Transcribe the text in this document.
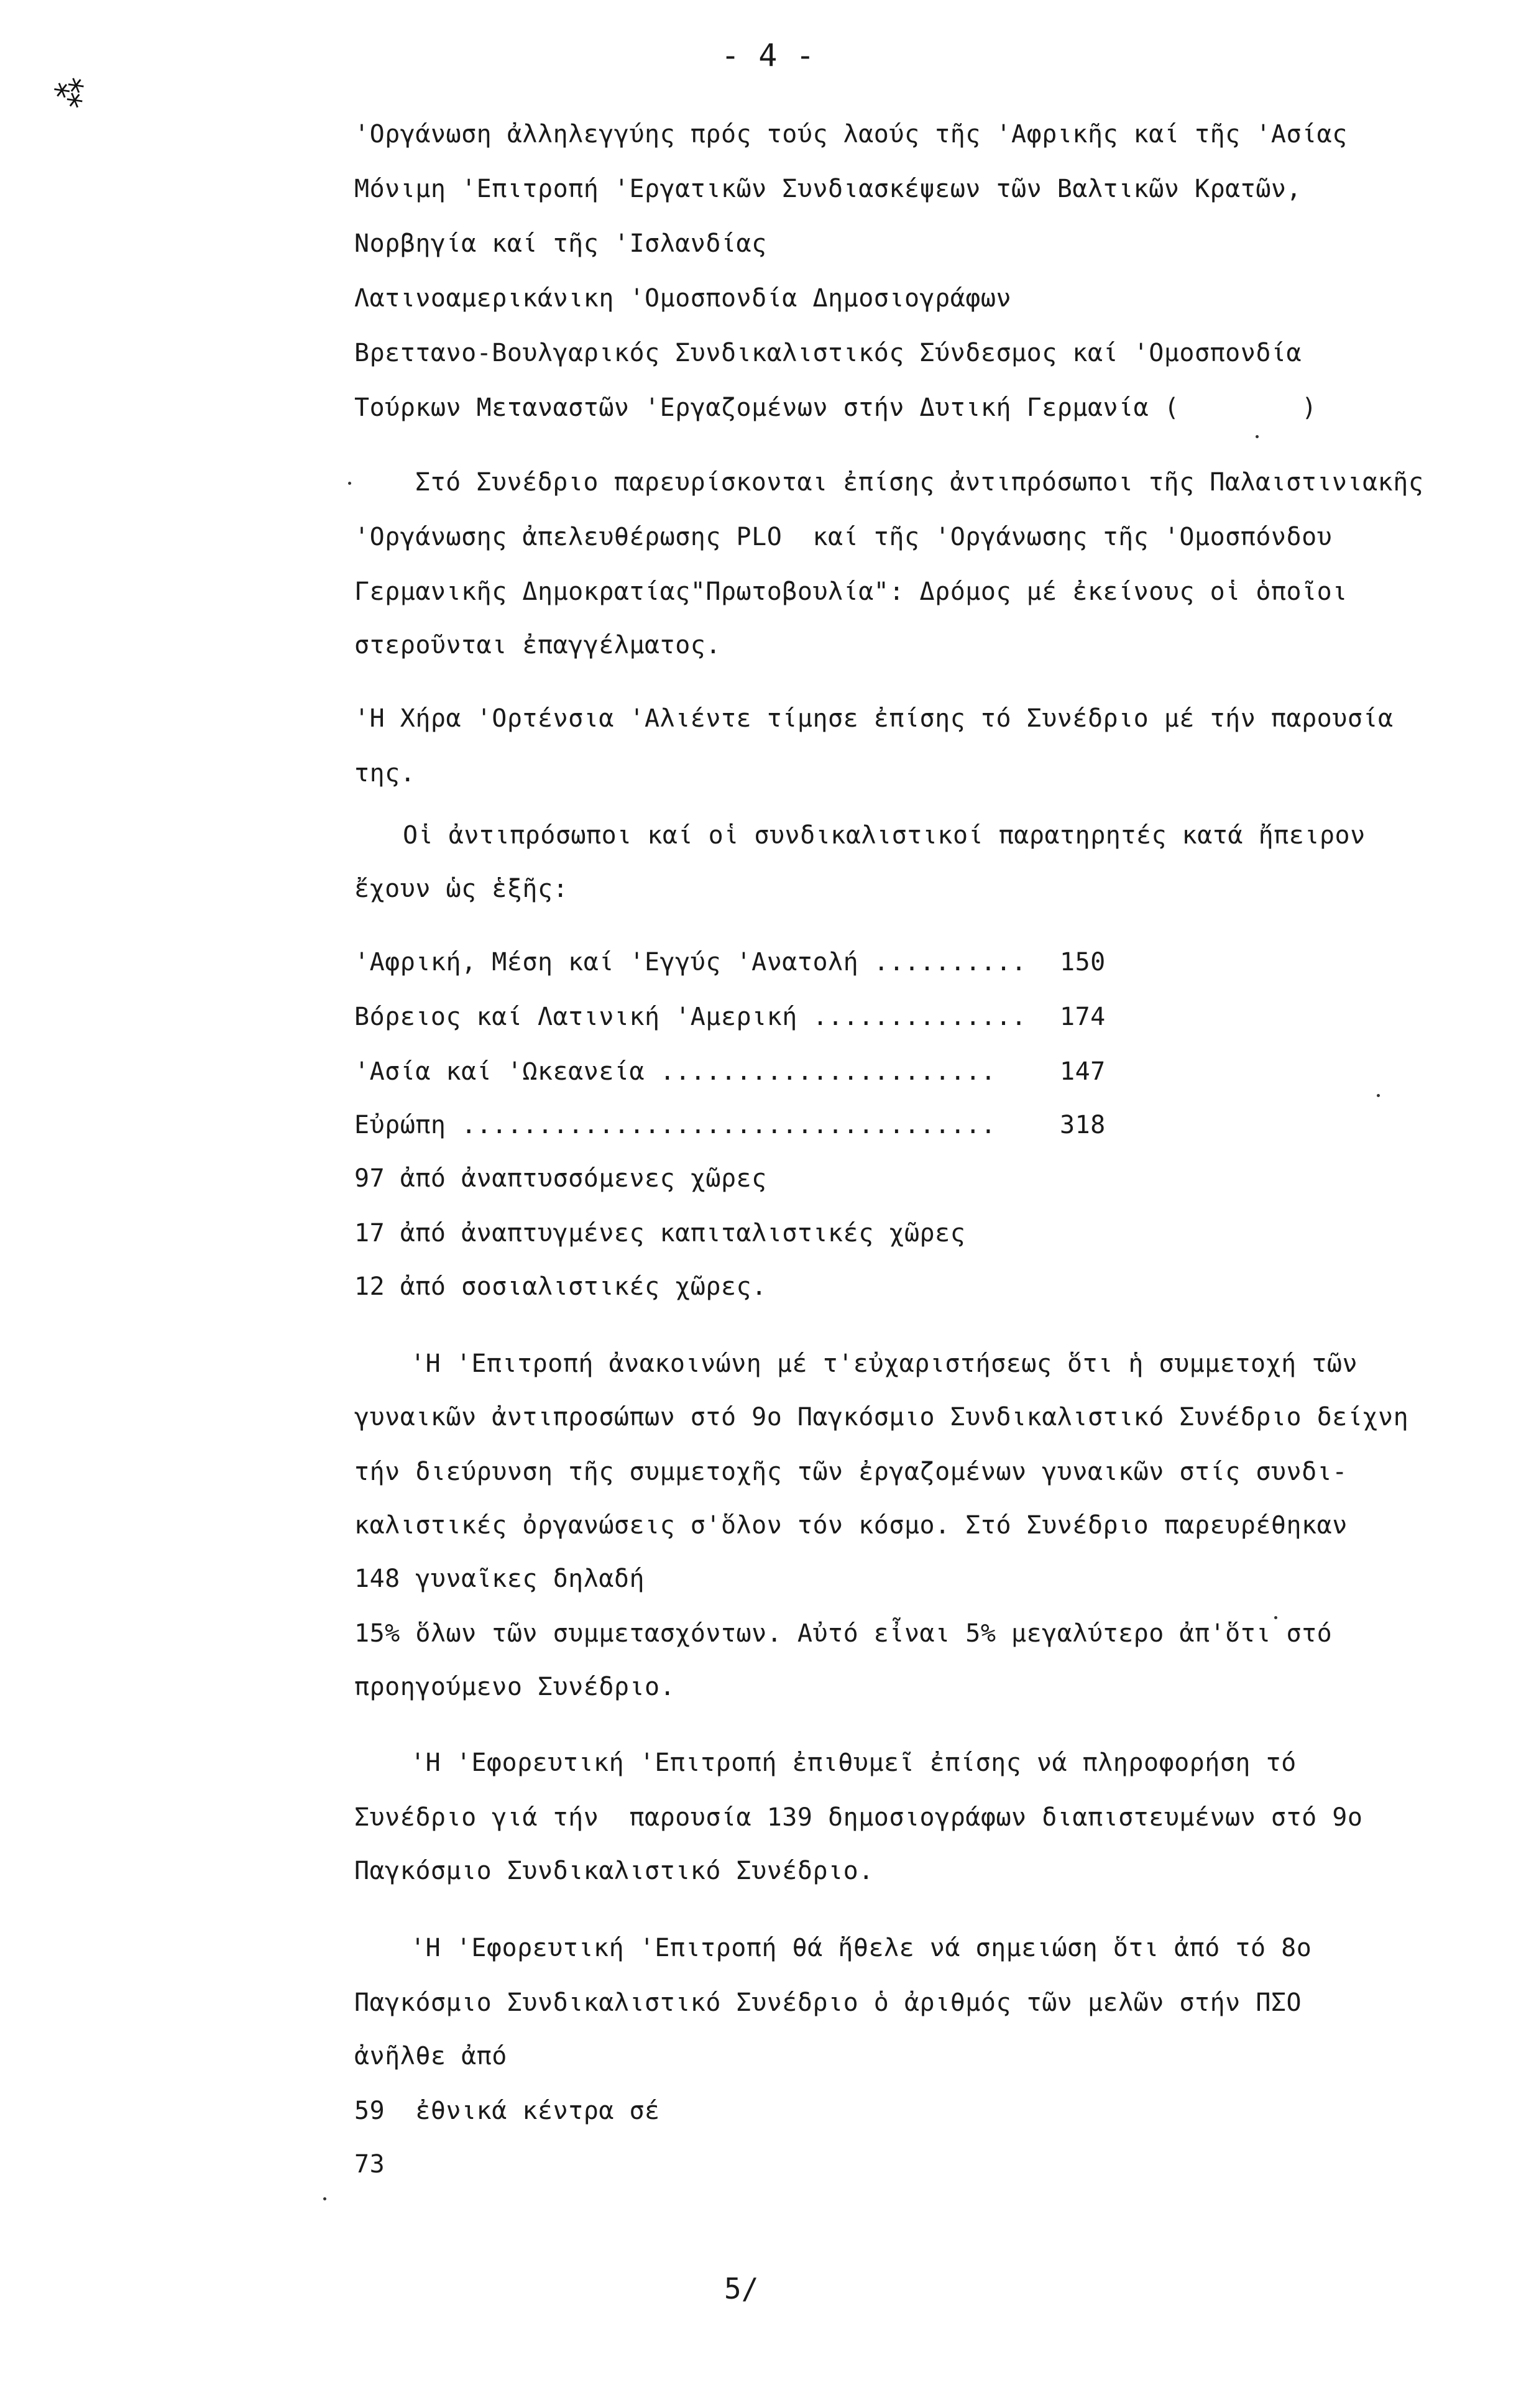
⁂
- 4 -
'Οργάνωση ἀλληλεγγύης πρός τούς λαούς τῆς 'Αφρικῆς καί τῆς 'Ασίας
Μόνιμη 'Επιτροπή 'Εργατικῶν Συνδιασκέψεων τῶν Βαλτικῶν Κρατῶν,
Νορβηγία καί τῆς 'Ισλανδίας
Λατινοαμερικάνικη 'Ομοσπονδία Δημοσιογράφων
Βρεττανο-Βουλγαρικός Συνδικαλιστικός Σύνδεσμος καί 'Ομοσπονδία
Τούρκων Μεταναστῶν 'Εργαζομένων στήν Δυτική Γερμανία (        )
Στό Συνέδριο παρευρίσκονται ἐπίσης ἀντιπρόσωποι τῆς Παλαιστινιακῆς
'Οργάνωσης ἀπελευθέρωσης PLO  καί τῆς 'Οργάνωσης τῆς 'Ομοσπόνδου
Γερμανικῆς Δημοκρατίας"Πρωτοβουλία": Δρόμος μέ ἐκείνους οἱ ὁποῖοι
στεροῦνται ἐπαγγέλματος.
'Η Χήρα 'Ορτένσια 'Αλιέντε τίμησε ἐπίσης τό Συνέδριο μέ τήν παρουσία
της.
Οἱ ἀντιπρόσωποι καί οἱ συνδικαλιστικοί παρατηρητές κατά ἤπειρον
ἔχουν ὡς ἑξῆς:
'Αφρική, Μέση καί 'Εγγύς 'Ανατολή .......... 150
Βόρειος καί Λατινική 'Αμερική .............. 174
'Ασία καί 'Ωκεανεία ......................	147
Εὐρώπη ...................................	318
97 ἀπό ἀναπτυσσόμενες χῶρες
17 ἀπό ἀναπτυγμένες καπιταλιστικές χῶρες
12 ἀπό σοσιαλιστικές χῶρες.
'Η 'Επιτροπή ἀνακοινώνη μέ τ'εὐχαριστήσεως ὅτι ἡ συμμετοχή τῶν
γυναικῶν ἀντιπροσώπων στό 9ο Παγκόσμιο Συνδικαλιστικό Συνέδριο δείχνη
τήν διεύρυνση τῆς συμμετοχῆς τῶν ἐργαζομένων γυναικῶν στίς συνδι-
καλιστικές ὀργανώσεις σ'ὅλον τόν κόσμο. Στό Συνέδριο παρευρέθηκαν
148 γυναῖκες δηλαδή
15% ὅλων τῶν συμμετασχόντων. Αὐτό εἶναι 5% μεγαλύτερο ἀπ'ὅτι στό
προηγούμενο Συνέδριο.
'Η 'Εφορευτική 'Επιτροπή ἐπιθυμεῖ ἐπίσης νά πληροφορήση τό
Συνέδριο γιά τήν  παρουσία 139 δημοσιογράφων διαπιστευμένων στό 9ο
Παγκόσμιο Συνδικαλιστικό Συνέδριο.
'Η 'Εφορευτική 'Επιτροπή θά ἤθελε νά σημειώση ὅτι ἀπό τό 8ο
Παγκόσμιο Συνδικαλιστικό Συνέδριο ὁ ἀριθμός τῶν μελῶν στήν ΠΣΟ
ἀνῆλθε ἀπό
59  ἐθνικά κέντρα σέ
73
5/
